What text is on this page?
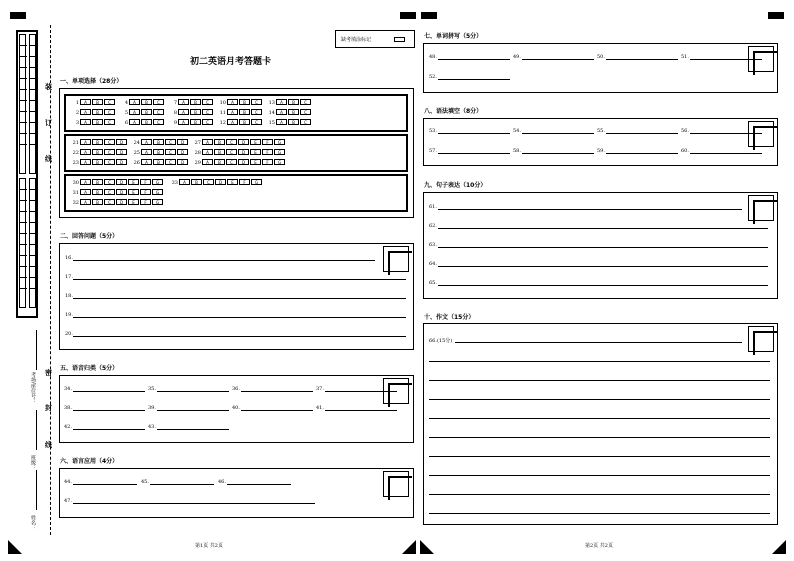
装
订
线
密
封
线
考场/座位号：
班级：
姓名：
初二英语月考答题卡
缺考填涂标记
一、单项选择（28分）
1 A B C	4 A B C	7 A B C 10 A B C 13 A B C
2 A B C	5 A B C	8 A B C 11 A B C 14 A B C
3 A B C	6 A B C	9 A B C 12 A B C 15 A B C
21 A B C D 24 A B C D 27 A B C D E F G
22 A B C D 25 A B C D 28 A B C D E F G
23 A B C D 26 A B C D 29 A B C D E F G
30 A B C D E F G	33 A B C D E F G
31 A B C D E F G
32 A B C D E F G
二、回答问题（5分）
16.
17.
18.
19.
20.
五、语音归类（5分）
34.	35.	36.	37.
38.	39.	40.	41.
42.	43.
六、语言应用（4分）
44.	45.	46.
47.
七、单词拼写（5分）
48.	49.	50.	51.
52.
八、语法填空（8分）
53.	54.	55.	56.
57.	58.	59.	60.
九、句子表达（10分）
61.
62.
63.
64.
65.
十、作文（15分）
66.(15分)
第1页 共2页	第2页 共2页
